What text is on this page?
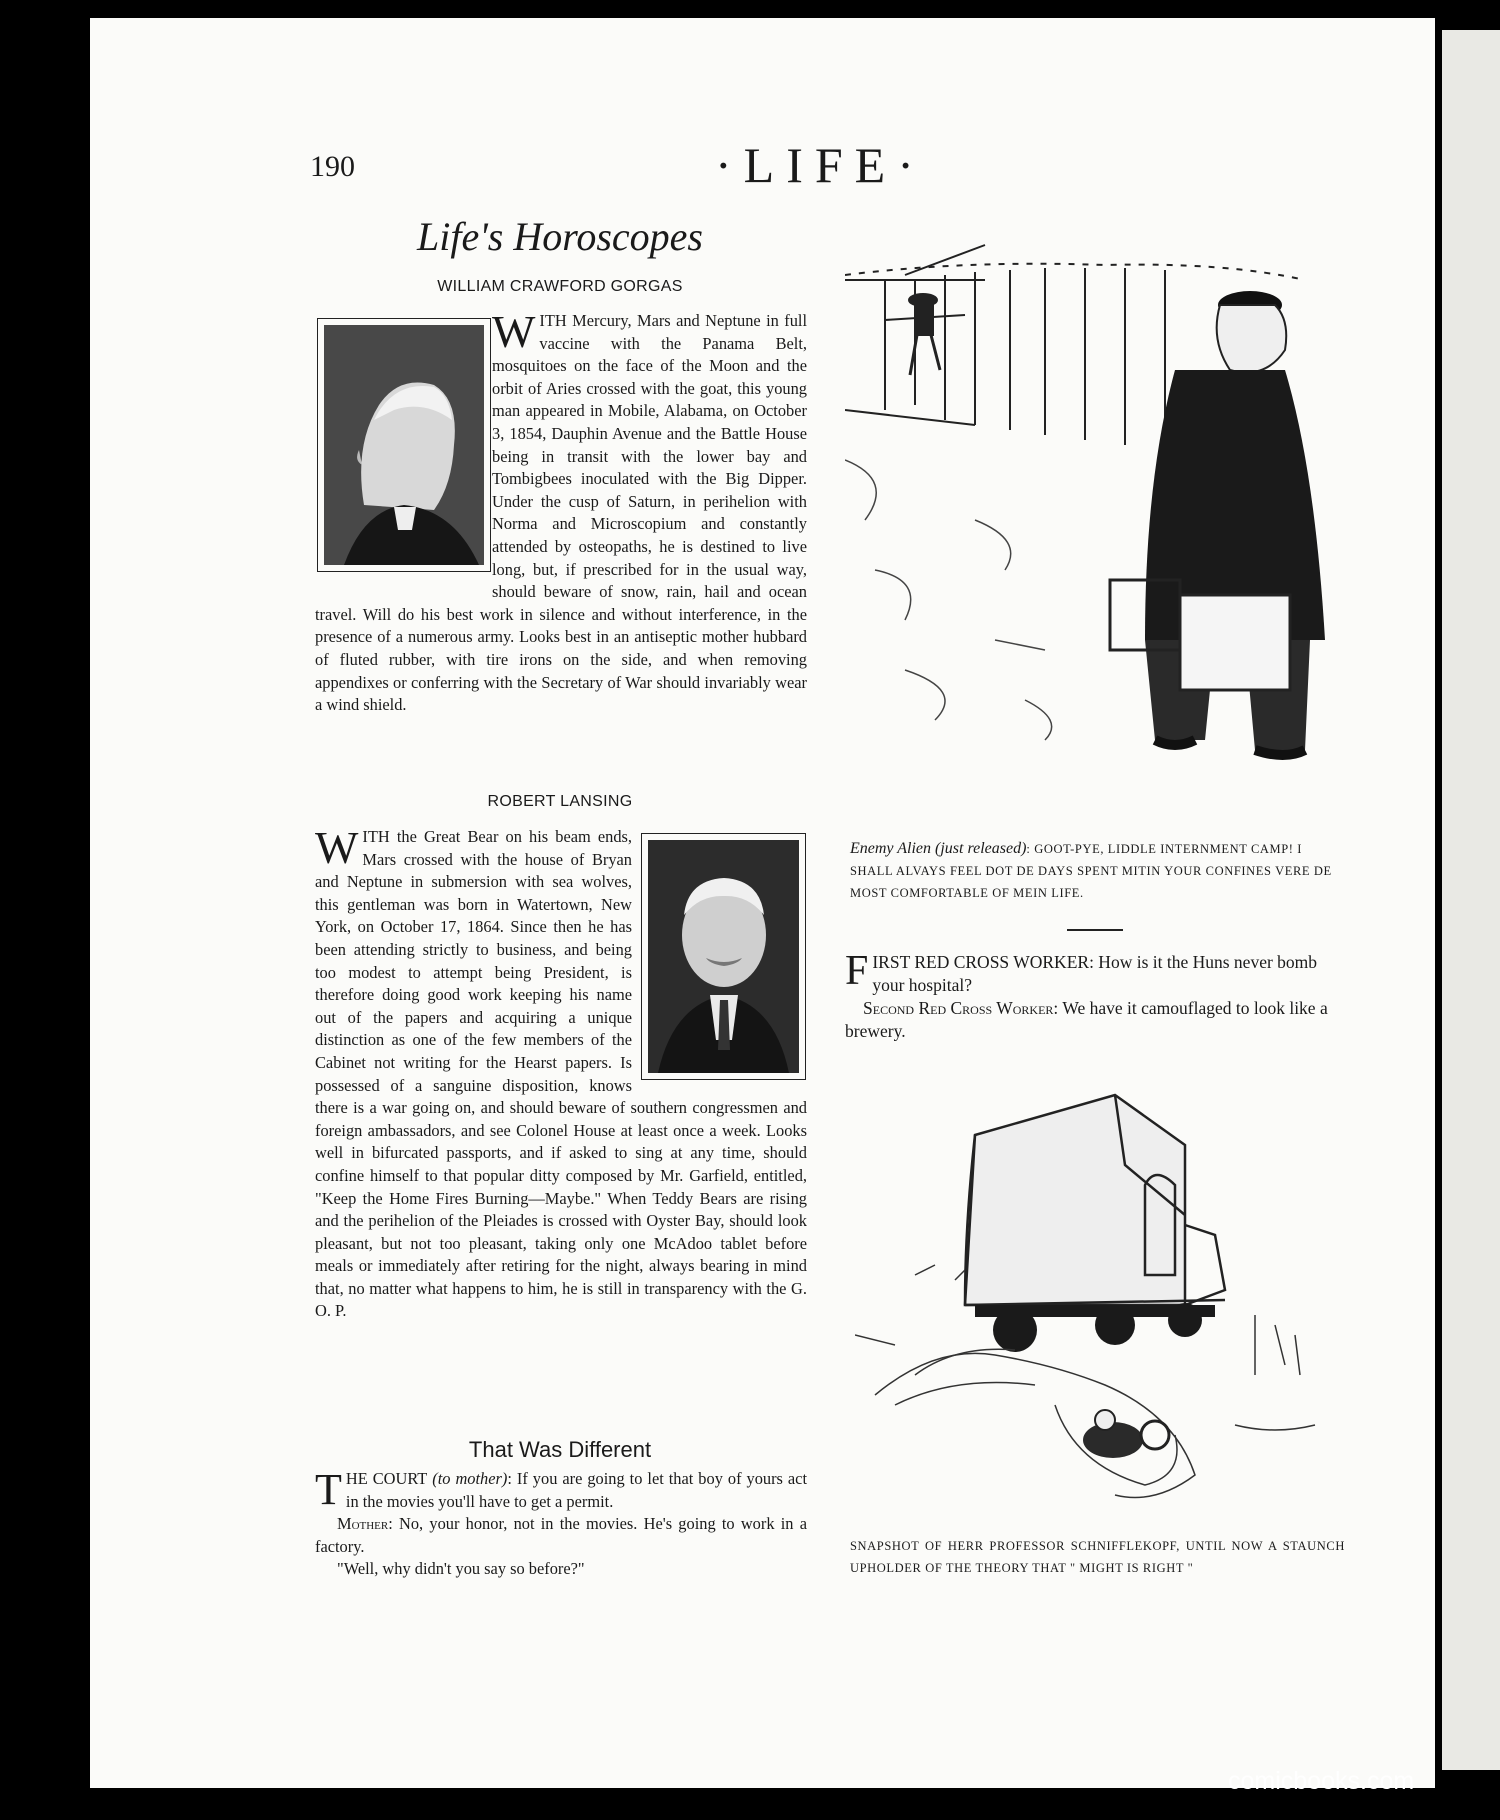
190	·LIFE·
Life's Horoscopes
WILLIAM CRAWFORD GORGAS
WITH Mercury, Mars and Neptune in full vaccine with the Panama Belt, mosquitoes on the face of the Moon and the orbit of Aries crossed with the goat, this young man appeared in Mobile, Alabama, on October 3, 1854, Dauphin Avenue and the Battle House being in transit with the lower bay and Tombigbees inoculated with the Big Dipper. Under the cusp of Saturn, in perihelion with Norma and Microscopium and constantly attended by osteopaths, he is destined to live long, but, if prescribed for in the usual way, should beware of snow, rain, hail and ocean travel. Will do his best work in silence and without interference, in the presence of a numerous army. Looks best in an antiseptic mother hubbard of fluted rubber, with tire irons on the side, and when removing appendixes or conferring with the Secretary of War should invariably wear a wind shield.
ROBERT LANSING
WITH the Great Bear on his beam ends, Mars crossed with the house of Bryan and Neptune in submersion with sea wolves, this gentleman was born in Watertown, New York, on October 17, 1864. Since then he has been attending strictly to business, and being too modest to attempt being President, is therefore doing good work keeping his name out of the papers and acquiring a unique distinction as one of the few members of the Cabinet not writing for the Hearst papers. Is possessed of a sanguine disposition, knows there is a war going on, and should beware of southern congressmen and foreign ambassadors, and see Colonel House at least once a week. Looks well in bifurcated passports, and if asked to sing at any time, should confine himself to that popular ditty composed by Mr. Garfield, entitled, "Keep the Home Fires Burning—Maybe." When Teddy Bears are rising and the perihelion of the Pleiades is crossed with Oyster Bay, should look pleasant, but not too pleasant, taking only one McAdoo tablet before meals or immediately after retiring for the night, always bearing in mind that, no matter what happens to him, he is still in transparency with the G. O. P.
That Was Different

THE COURT (to mother): If you are going to let that boy of yours act in the movies you'll have to get a permit.

Mother: No, your honor, not in the movies. He's going to work in a factory.

"Well, why didn't you say so before?"

Enemy Alien (just released): GOOT-PYE, LIDDLE INTERNMENT CAMP! I SHALL ALVAYS FEEL DOT DE DAYS SPENT MITIN YOUR CONFINES VERE DE MOST COMFORTABLE OF MEIN LIFE.

FIRST RED CROSS WORKER: How is it the Huns never bomb your hospital?

Second Red Cross Worker: We have it camouflaged to look like a brewery.

SNAPSHOT OF HERR PROFESSOR SCHNIFFLEKOPF, UNTIL NOW A STAUNCH UPHOLDER OF THE THEORY THAT " MIGHT IS RIGHT "
comicbooks.com
